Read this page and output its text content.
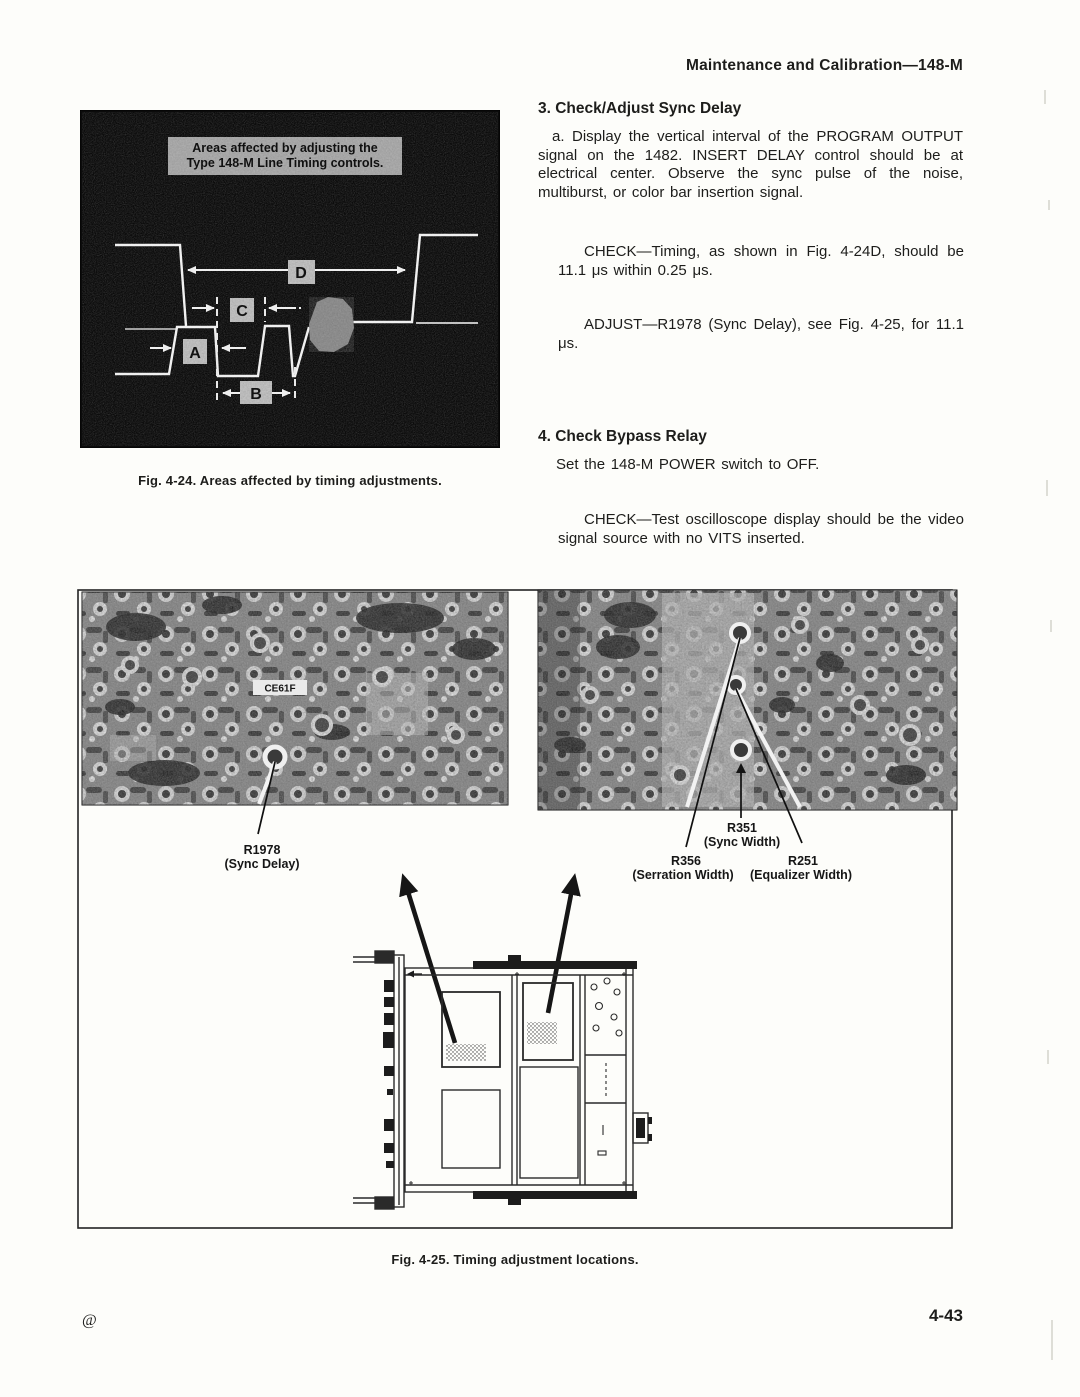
Maintenance and Calibration—148-M
Areas affected by adjusting the
Type 148-M Line Timing controls.
D
C
A
B
Fig. 4-24. Areas affected by timing adjustments.
3. Check/Adjust Sync Delay
a. Display the vertical interval of the PROGRAM OUTPUT signal on the 1482. INSERT DELAY control should be at electrical center. Observe the sync pulse of the noise, multiburst, or color bar insertion signal.
CHECK—Timing, as shown in Fig. 4-24D, should be 11.1 μs within 0.25 μs.
ADJUST—R1978 (Sync Delay), see Fig. 4-25, for 11.1 μs.
4. Check Bypass Relay
Set the 148-M POWER switch to OFF.
CHECK—Test oscilloscope display should be the video signal source with no VITS inserted.
CE61F
R1978
(Sync Delay)
R351
(Sync Width)
R356
(Serration Width)
R251
(Equalizer Width)
Fig. 4-25. Timing adjustment locations.
@	4-43
